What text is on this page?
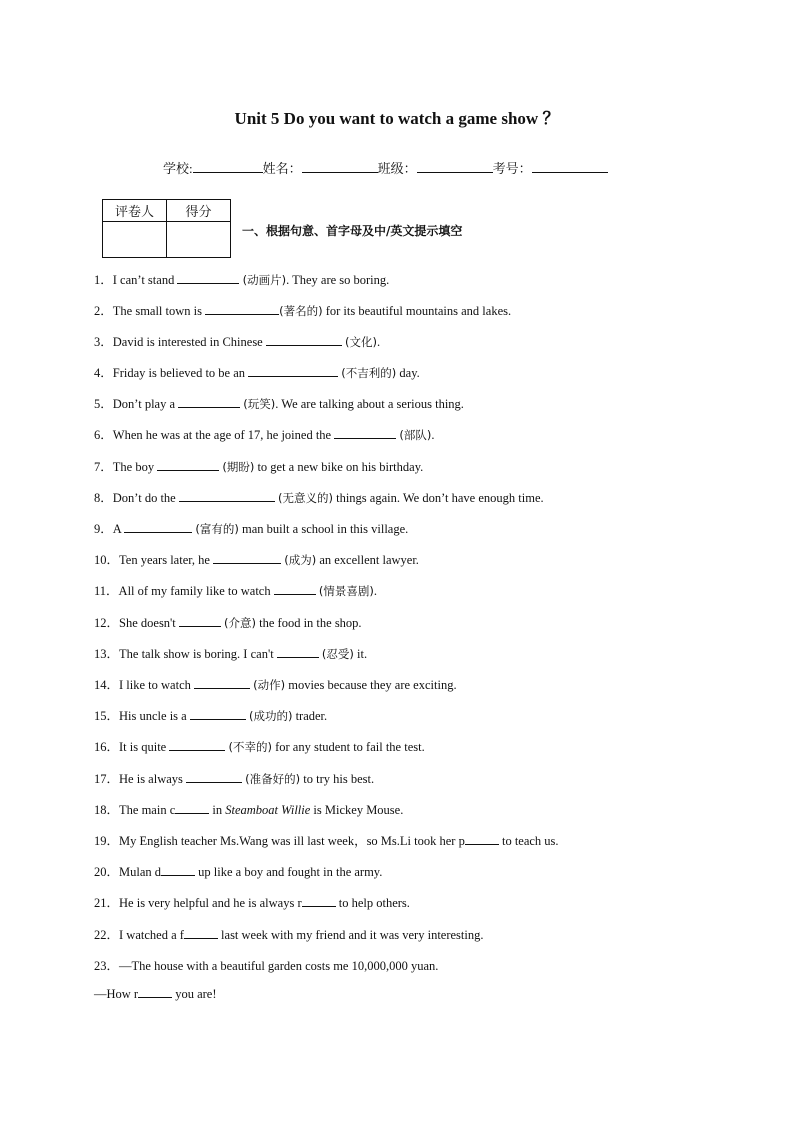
Unit 5 Do you want to watch a game show ？
学校:	姓名：	班级：	考号：
评卷人	得分

一、根据句意、首字母及中/英文提示填空
1．I can’t stand	(动画片). They are so boring.
2．The small town is	(著名的) for its beautiful mountains and lakes.
3．David is interested in Chinese	(文化).
4．Friday is believed to be an	(不吉利的) day.
5．Don’t play a	(玩笑). We are talking about a serious thing.
6．When he was at the age of 17, he joined the	(部队).
7．The boy	(期盼) to get a new bike on his birthday.
8．Don’t do the	(无意义的) things again. We don’t have enough time.
9．A	(富有的) man built a school in this village.
10．Ten years later, he	(成为) an excellent lawyer.
11．All of my family like to watch	(情景喜剧).
12．She doesn't	(介意) the food in the shop.
13．The talk show is boring. I can't	(忍受) it.
14．I like to watch	(动作) movies because they are exciting.
15．His uncle is a	(成功的) trader.
16．It is quite	(不幸的) for any student to fail the test.
17．He is always	(准备好的) to try his best.
18．The main c	in Steamboat Willie is Mickey Mouse.
19．My English teacher Ms.Wang was ill last week，so Ms.Li took her p	to teach us.
20．Mulan d	up like a boy and fought in the army.
21．He is very helpful and he is always r	to help others.
22．I watched a f	last week with my friend and it was very interesting.
23．—The house with a beautiful garden costs me 10,000,000 yuan.
—How r	you are!
